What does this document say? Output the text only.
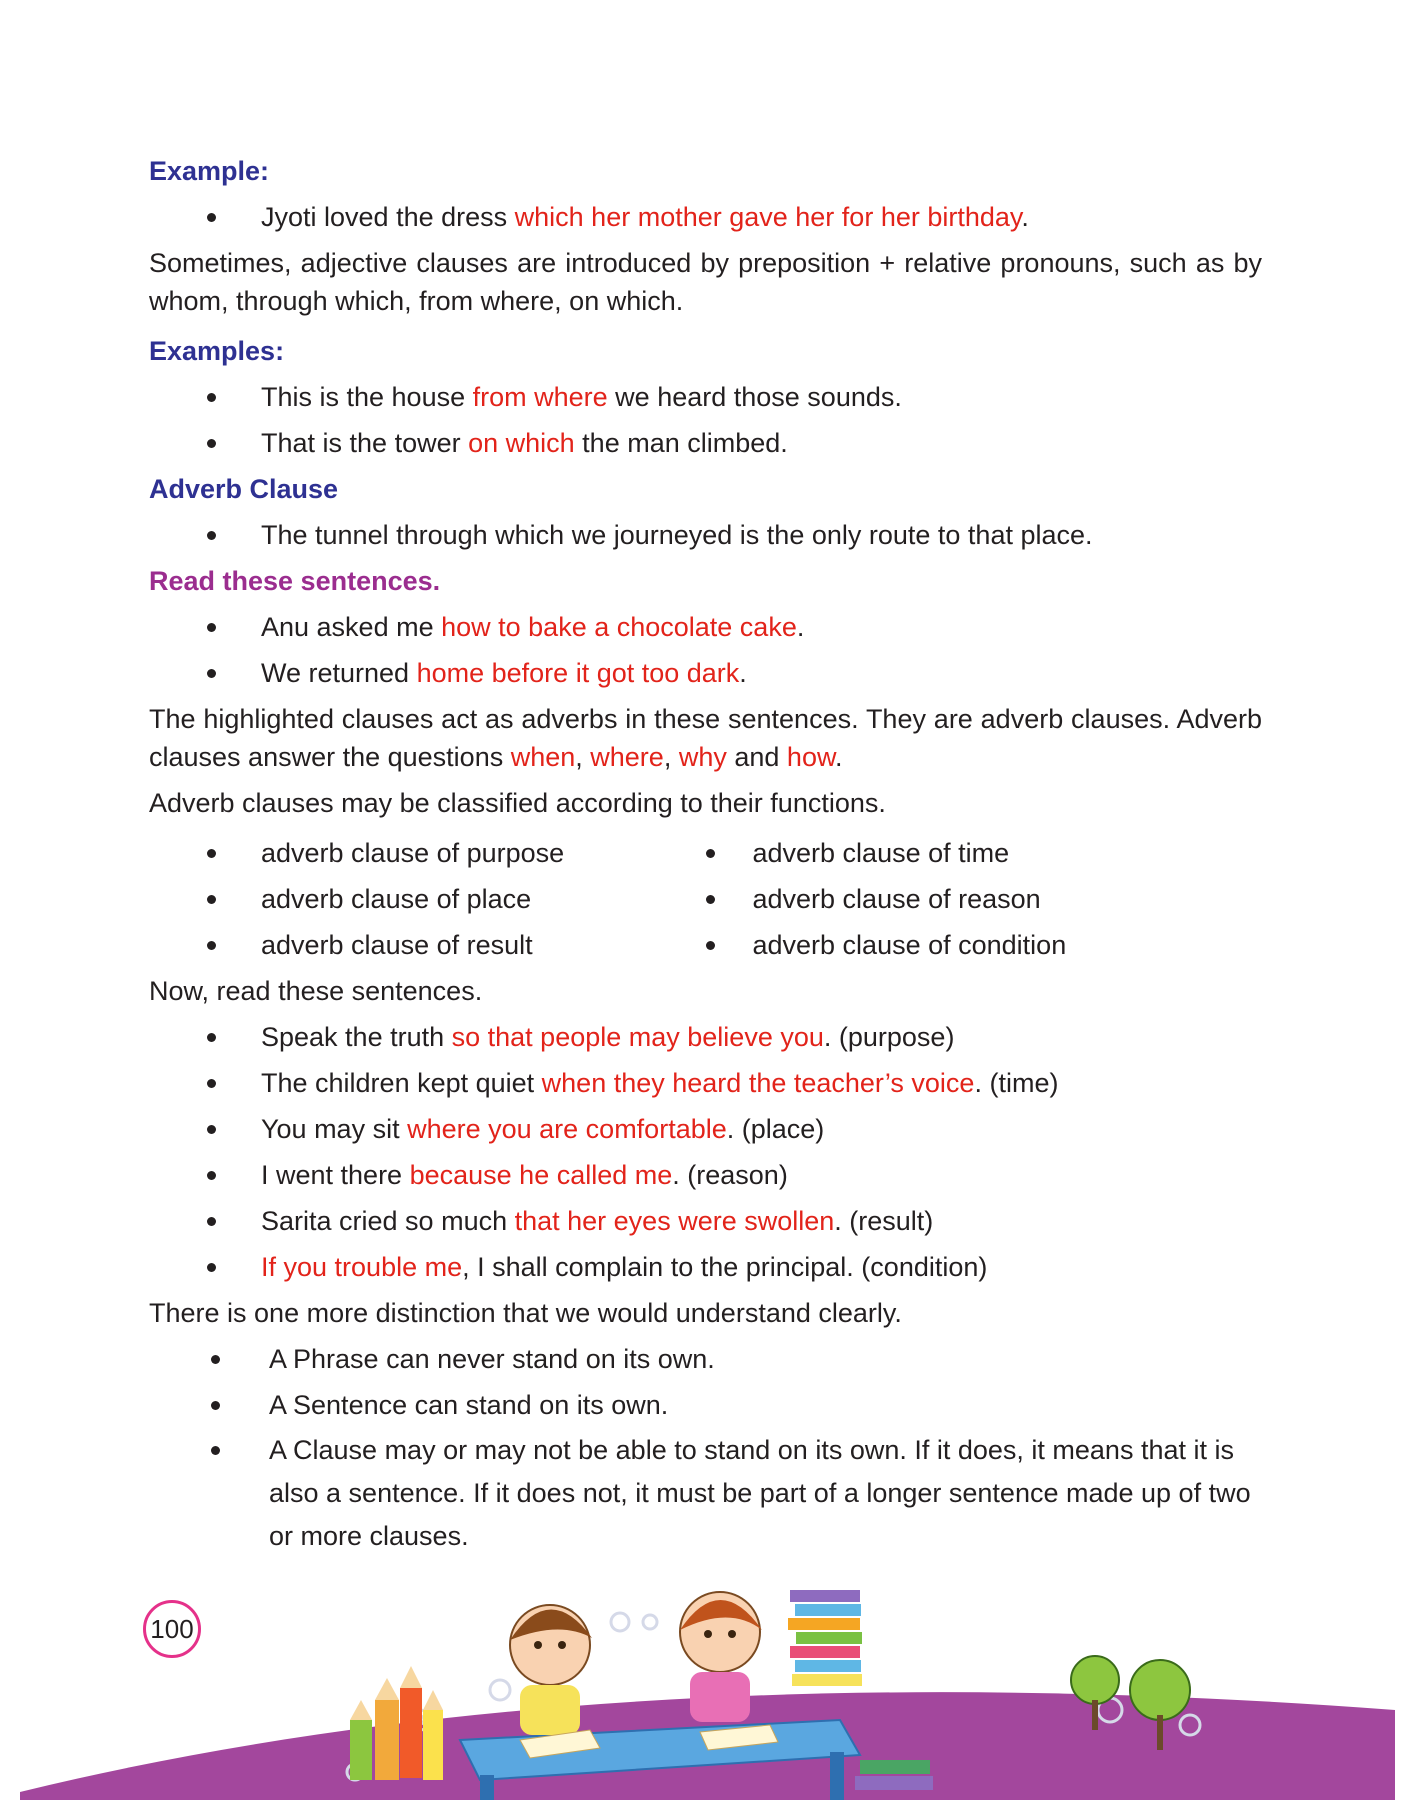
Example:

Jyoti loved the dress which her mother gave her for her birthday.

Sometimes, adjective clauses are introduced by preposition + relative pronouns, such as by whom, through which, from where, on which.

Examples:

This is the house from where we heard those sounds.
That is the tower on which the man climbed.

Adverb Clause

The tunnel through which we journeyed is the only route to that place.

Read these sentences.

Anu asked me how to bake a chocolate cake.
We returned home before it got too dark.

The highlighted clauses act as adverbs in these sentences. They are adverb clauses. Adverb clauses answer the questions when, where, why and how.

Adverb clauses may be classified according to their functions.

adverb clause of purpose
adverb clause of place
adverb clause of result
adverb clause of time
adverb clause of reason
adverb clause of condition

Now, read these sentences.

Speak the truth so that people may believe you. (purpose)
The children kept quiet when they heard the teacher’s voice. (time)
You may sit where you are comfortable. (place)
I went there because he called me. (reason)
Sarita cried so much that her eyes were swollen. (result)
If you trouble me, I shall complain to the principal. (condition)

There is one more distinction that we would understand clearly.

A Phrase can never stand on its own.
A Sentence can stand on its own.
A Clause may or may not be able to stand on its own. If it does, it means that it is also a sentence. If it does not, it must be part of a longer sentence made up of two or more clauses.
100
